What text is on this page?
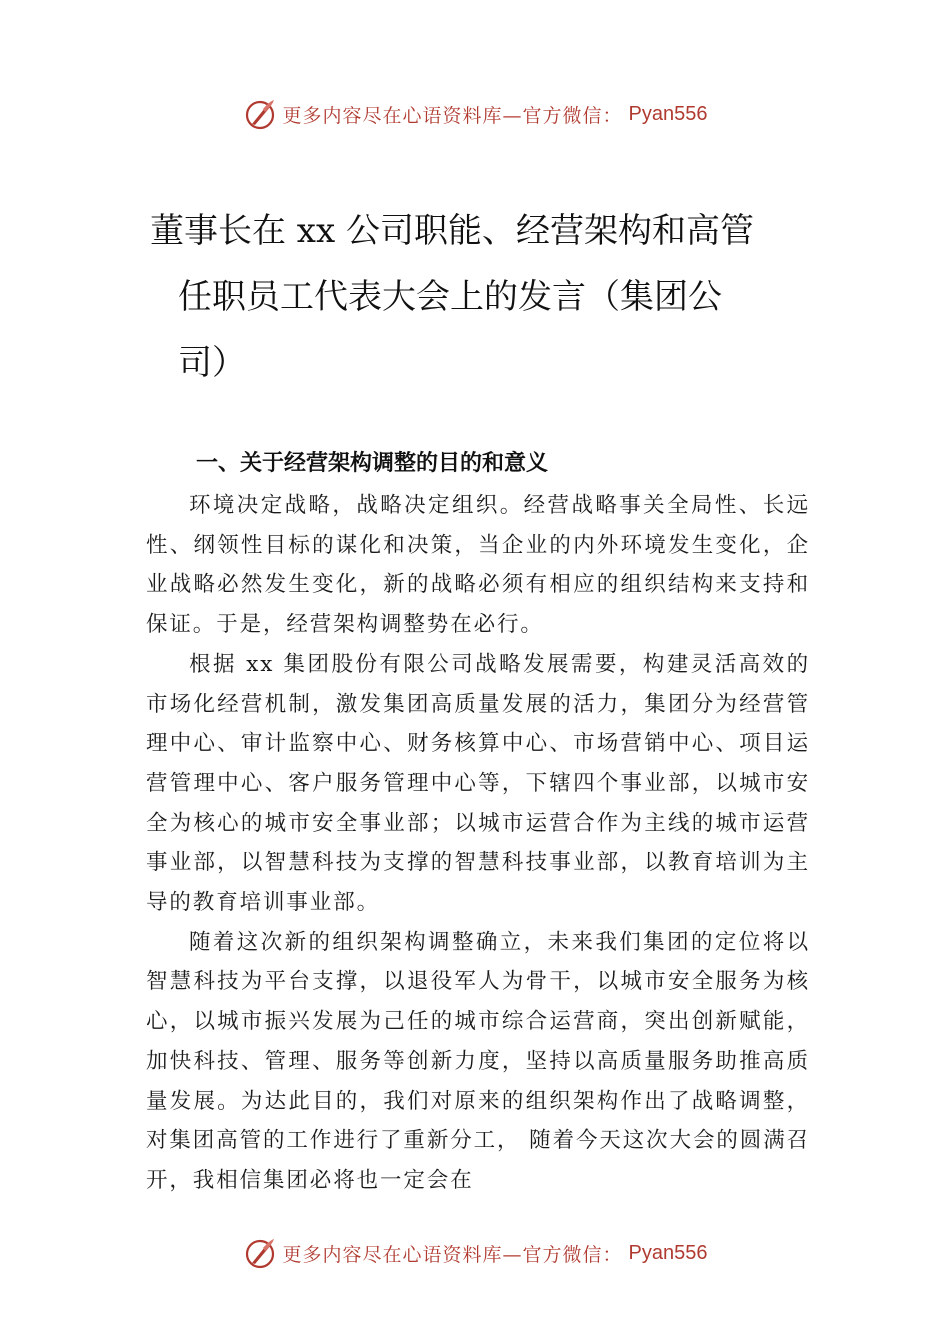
更多内容尽在心语资料库—官方微信： Pyan556
董事长在 xx 公司职能、经营架构和高管
任职员工代表大会上的发言（集团公
司）
一、关于经营架构调整的目的和意义

环境决定战略，战略决定组织。经营战略事关全局性、长远性、纲领性目标的谋化和决策，当企业的内外环境发生变化，企业战略必然发生变化，新的战略必须有相应的组织结构来支持和保证。于是，经营架构调整势在必行。

根据 xx 集团股份有限公司战略发展需要，构建灵活高效的市场化经营机制，激发集团高质量发展的活力，集团分为经营管理中心、审计监察中心、财务核算中心、市场营销中心、项目运营管理中心、客户服务管理中心等，下辖四个事业部，以城市安全为核心的城市安全事业部；以城市运营合作为主线的城市运营事业部，以智慧科技为支撑的智慧科技事业部，以教育培训为主导的教育培训事业部。

随着这次新的组织架构调整确立，未来我们集团的定位将以智慧科技为平台支撑，以退役军人为骨干，以城市安全服务为核心，以城市振兴发展为己任的城市综合运营商，突出创新赋能，加快科技、管理、服务等创新力度，坚持以高质量服务助推高质量发展。为达此目的，我们对原来的组织架构作出了战略调整，对集团高管的工作进行了重新分工， 随着今天这次大会的圆满召开，我相信集团必将也一定会在

更多内容尽在心语资料库—官方微信： Pyan556
